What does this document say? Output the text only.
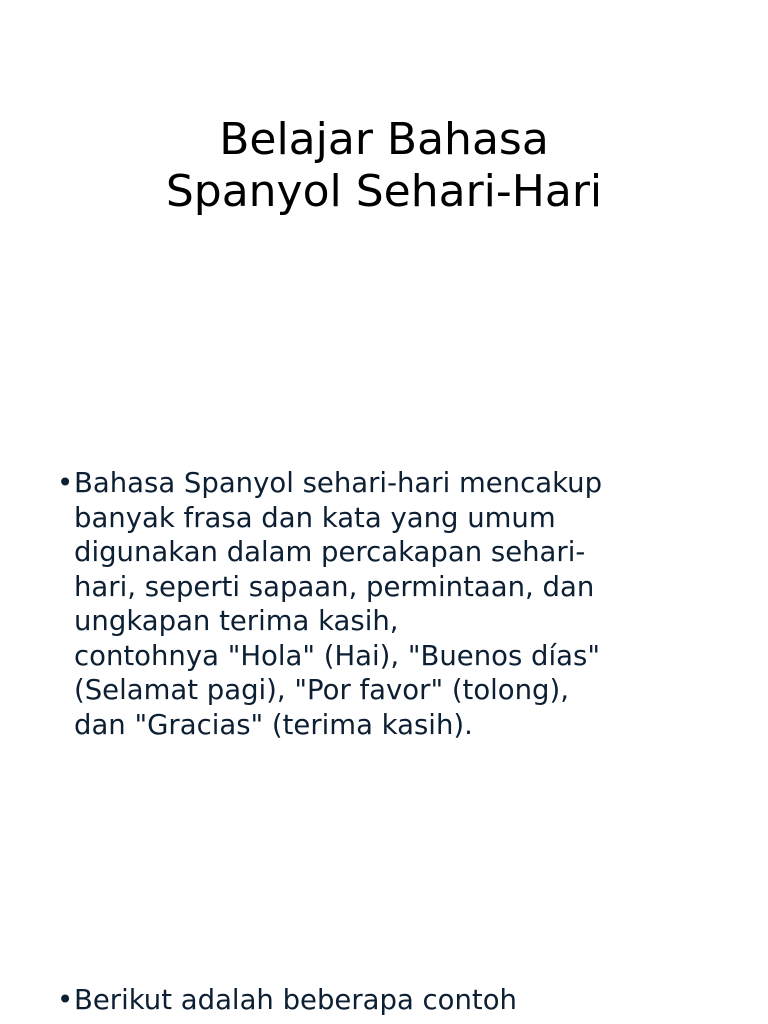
Belajar Bahasa
Spanyol Sehari-Hari
• Bahasa Spanyol sehari-hari mencakup
banyak frasa dan kata yang umum
digunakan dalam percakapan sehari-
hari, seperti sapaan, permintaan, dan
ungkapan terima kasih,
contohnya "Hola" (Hai), "Buenos días"
(Selamat pagi), "Por favor" (tolong),
dan "Gracias" (terima kasih).
• Berikut adalah beberapa contoh
